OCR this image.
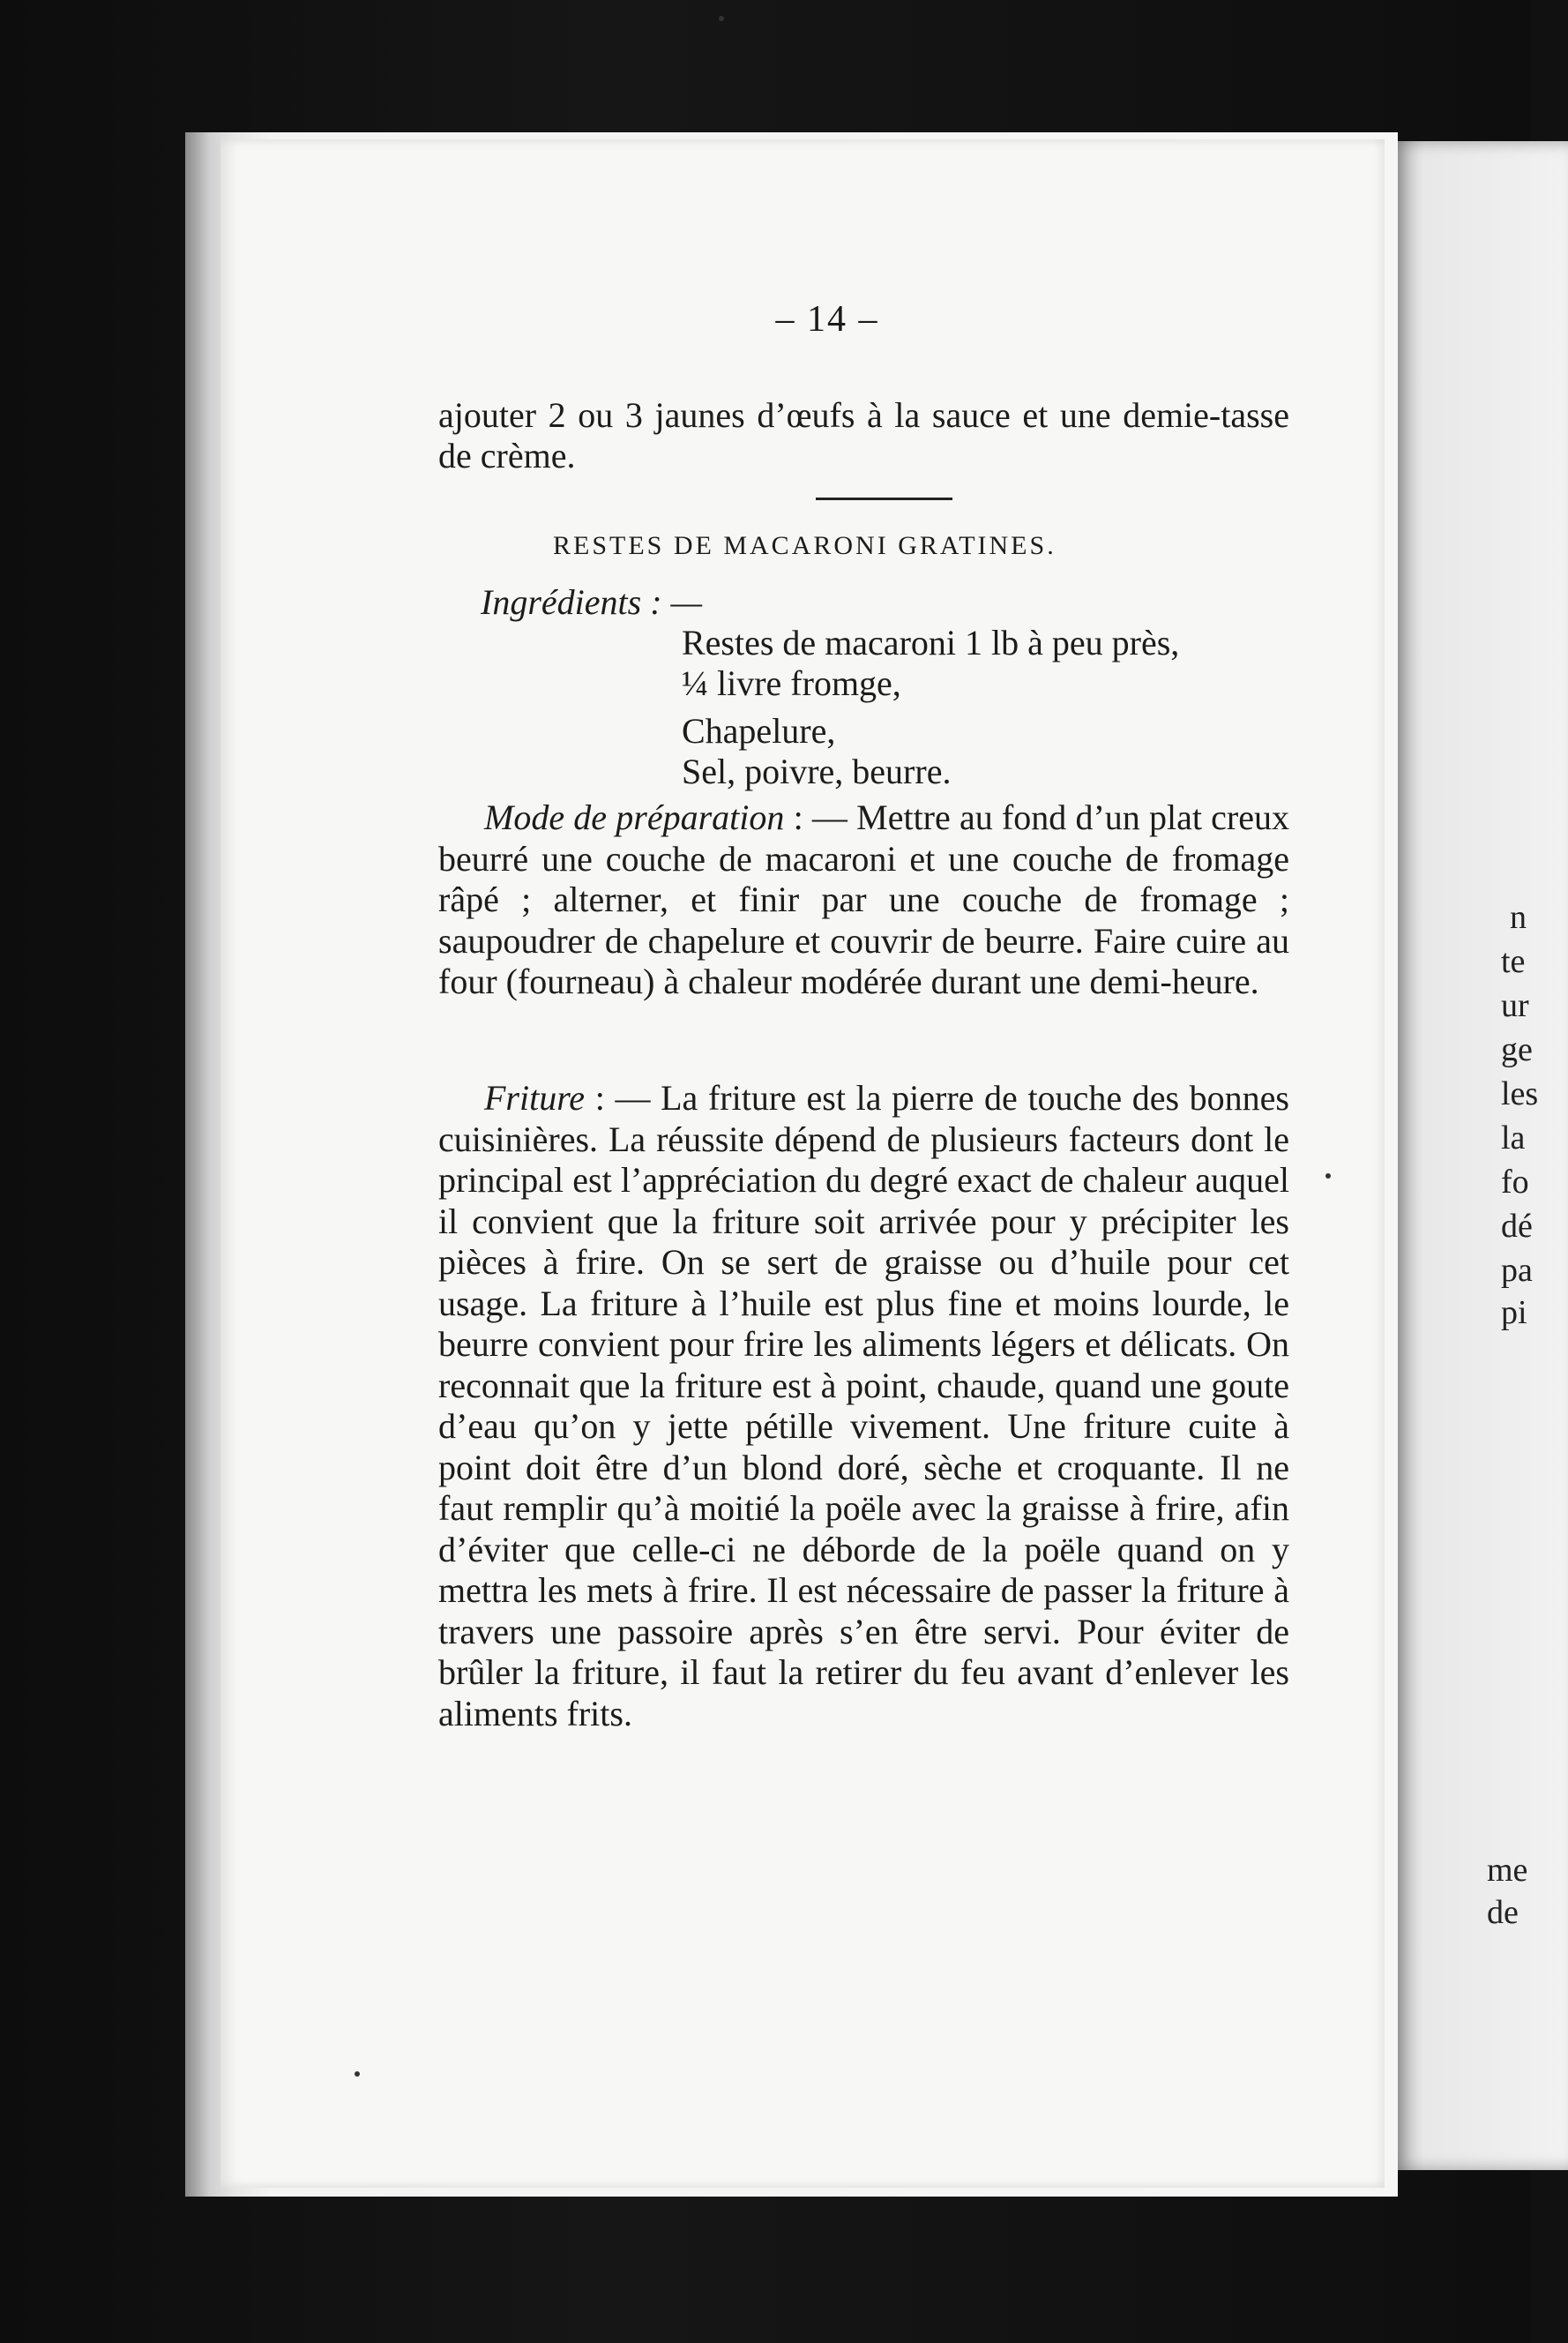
n
te
ur
ge
les
la
fo
dé
pa
pi
me
de
– 14 –
ajouter 2 ou 3 jaunes d’œufs à la sauce et une demie-tasse de crème.
RESTES DE MACARONI GRATINES.
Ingrédients : —
Restes de macaroni 1 lb à peu près,
¼ livre fromge,
Chapelure,
Sel, poivre, beurre.
Mode de préparation : — Mettre au fond d’un plat creux beurré une couche de macaroni et une couche de fromage râpé ; alterner, et finir par une couche de fromage ; saupoudrer de chapelure et couvrir de beurre. Faire cuire au four (fourneau) à chaleur modérée durant une demi-heure.
Friture : — La friture est la pierre de touche des bonnes cuisinières. La réussite dépend de plusieurs facteurs dont le principal est l’appréciation du degré exact de chaleur auquel il convient que la friture soit arrivée pour y précipiter les pièces à frire. On se sert de graisse ou d’huile pour cet usage. La friture à l’huile est plus fine et moins lourde, le beurre convient pour frire les aliments légers et délicats. On reconnait que la friture est à point, chaude, quand une goute d’eau qu’on y jette pétille vivement. Une friture cuite à point doit être d’un blond doré, sèche et croquante. Il ne faut remplir qu’à moitié la poële avec la graisse à frire, afin d’éviter que celle-ci ne déborde de la poële quand on y mettra les mets à frire. Il est nécessaire de passer la friture à travers une passoire après s’en être servi. Pour éviter de brûler la friture, il faut la retirer du feu avant d’enlever les aliments frits.
